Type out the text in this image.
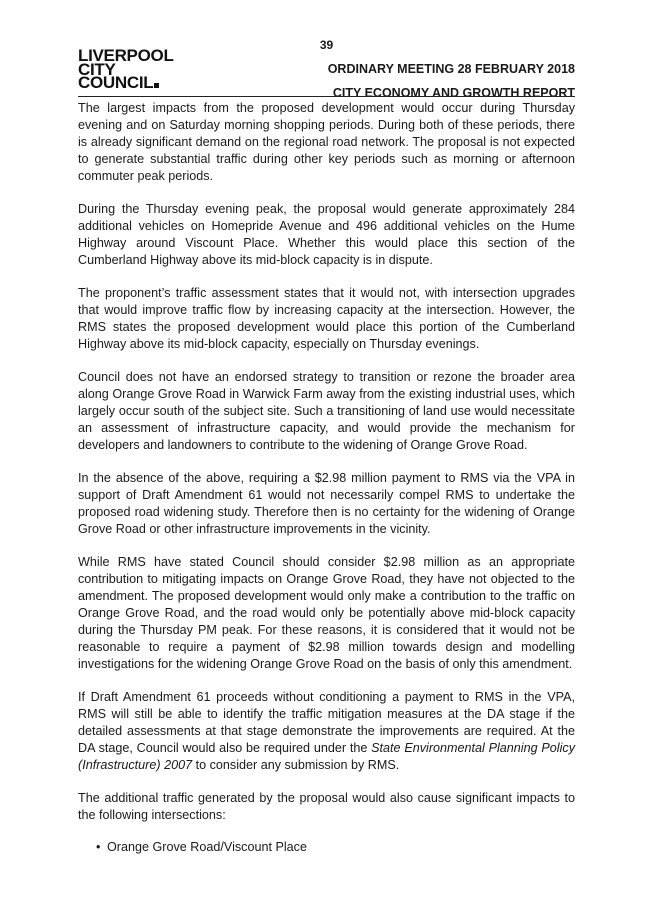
39
LIVERPOOL
CITY
COUNCIL
ORDINARY MEETING 28 FEBRUARY 2018
CITY ECONOMY AND GROWTH REPORT

The largest impacts from the proposed development would occur during Thursday evening and on Saturday morning shopping periods. During both of these periods, there is already significant demand on the regional road network. The proposal is not expected to generate substantial traffic during other key periods such as morning or afternoon commuter peak periods.

During the Thursday evening peak, the proposal would generate approximately 284 additional vehicles on Homepride Avenue and 496 additional vehicles on the Hume Highway around Viscount Place. Whether this would place this section of the Cumberland Highway above its mid-block capacity is in dispute.

The proponent’s traffic assessment states that it would not, with intersection upgrades that would improve traffic flow by increasing capacity at the intersection. However, the RMS states the proposed development would place this portion of the Cumberland Highway above its mid-block capacity, especially on Thursday evenings.

Council does not have an endorsed strategy to transition or rezone the broader area along Orange Grove Road in Warwick Farm away from the existing industrial uses, which largely occur south of the subject site. Such a transitioning of land use would necessitate an assessment of infrastructure capacity, and would provide the mechanism for developers and landowners to contribute to the widening of Orange Grove Road.

In the absence of the above, requiring a $2.98 million payment to RMS via the VPA in support of Draft Amendment 61 would not necessarily compel RMS to undertake the proposed road widening study. Therefore then is no certainty for the widening of Orange Grove Road or other infrastructure improvements in the vicinity.

While RMS have stated Council should consider $2.98 million as an appropriate contribution to mitigating impacts on Orange Grove Road, they have not objected to the amendment. The proposed development would only make a contribution to the traffic on Orange Grove Road, and the road would only be potentially above mid-block capacity during the Thursday PM peak. For these reasons, it is considered that it would not be reasonable to require a payment of $2.98 million towards design and modelling investigations for the widening Orange Grove Road on the basis of only this amendment.

If Draft Amendment 61 proceeds without conditioning a payment to RMS in the VPA, RMS will still be able to identify the traffic mitigation measures at the DA stage if the detailed assessments at that stage demonstrate the improvements are required. At the DA stage, Council would also be required under the State Environmental Planning Policy (Infrastructure) 2007 to consider any submission by RMS.

The additional traffic generated by the proposal would also cause significant impacts to the following intersections:

• Orange Grove Road/Viscount Place
